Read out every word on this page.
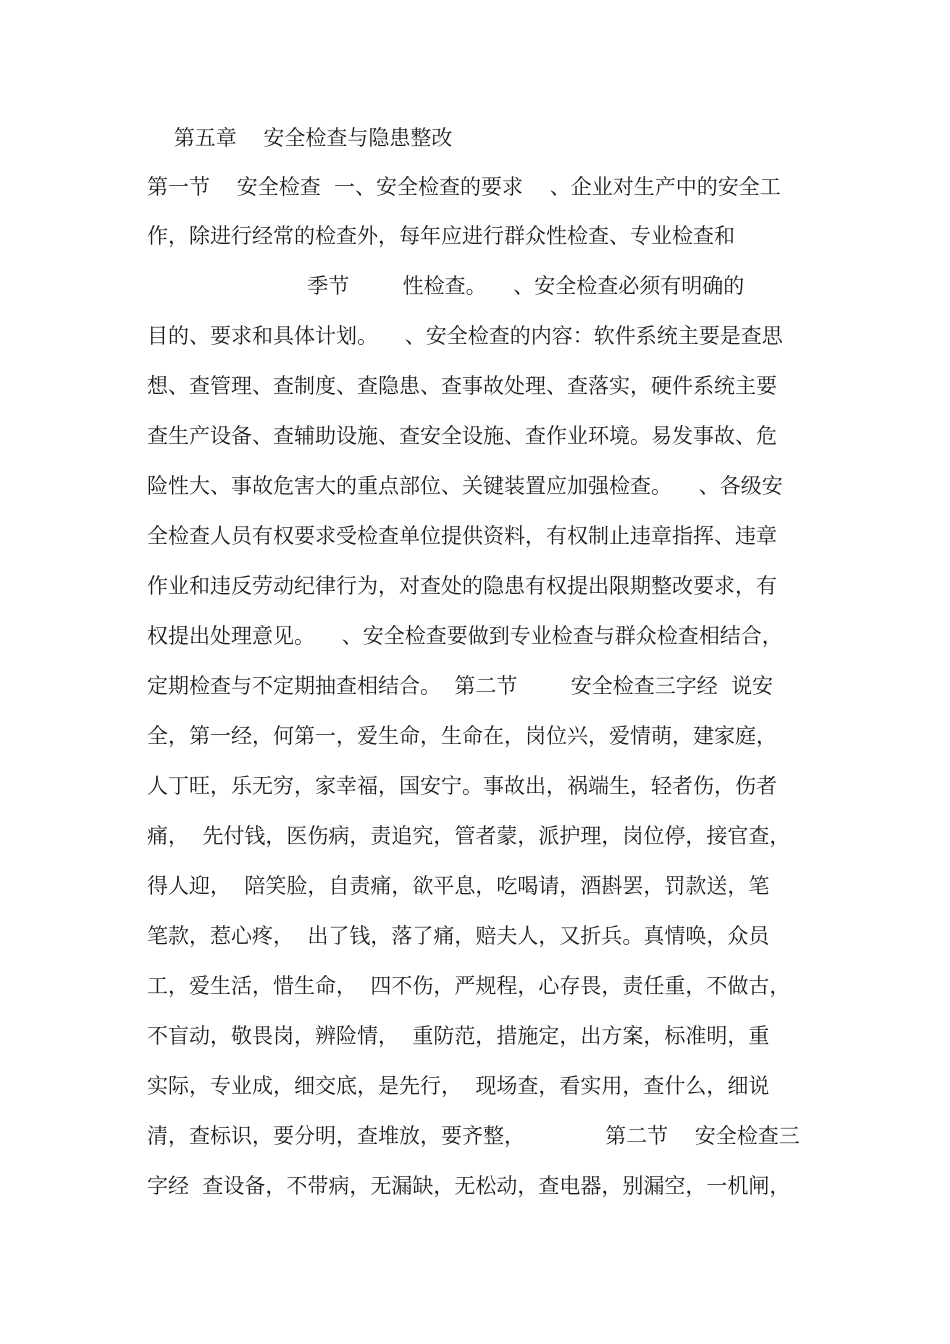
第五章    安全检查与隐患整改
第一节    安全检查  一、安全检查的要求    、企业对生产中的安全工
作，除进行经常的检查外，每年应进行群众性检查、专业检查和
季节        性检查。    、安全检查必须有明确的
目的、要求和具体计划。    、安全检查的内容：软件系统主要是查思
想、查管理、查制度、查隐患、查事故处理、查落实，硬件系统主要
查生产设备、查辅助设施、查安全设施、查作业环境。易发事故、危
险性大、事故危害大的重点部位、关键装置应加强检查。    、各级安
全检查人员有权要求受检查单位提供资料，有权制止违章指挥、违章
作业和违反劳动纪律行为，对查处的隐患有权提出限期整改要求，有
权提出处理意见。    、安全检查要做到专业检查与群众检查相结合，
定期检查与不定期抽查相结合。  第二节        安全检查三字经  说安
全，第一经，何第一，爱生命，生命在，岗位兴，爱情萌，建家庭，
人丁旺，乐无穷，家幸福，国安宁。事故出，祸端生，轻者伤，伤者
痛，  先付钱，医伤病，责追究，管者蒙，派护理，岗位停，接官查，
得人迎，  陪笑脸，自责痛，欲平息，吃喝请，酒斟罢，罚款送，笔
笔款，惹心疼，  出了钱，落了痛，赔夫人，又折兵。真情唤，众员
工，爱生活，惜生命，  四不伤，严规程，心存畏，责任重，不做古，
不盲动，敬畏岗，辨险情，  重防范，措施定，出方案，标准明，重
实际，专业成，细交底，是先行，  现场查，看实用，查什么，细说
清，查标识，要分明，查堆放，要齐整，            第二节    安全检查三
字经  查设备，不带病，无漏缺，无松动，查电器，别漏空，一机闸，
